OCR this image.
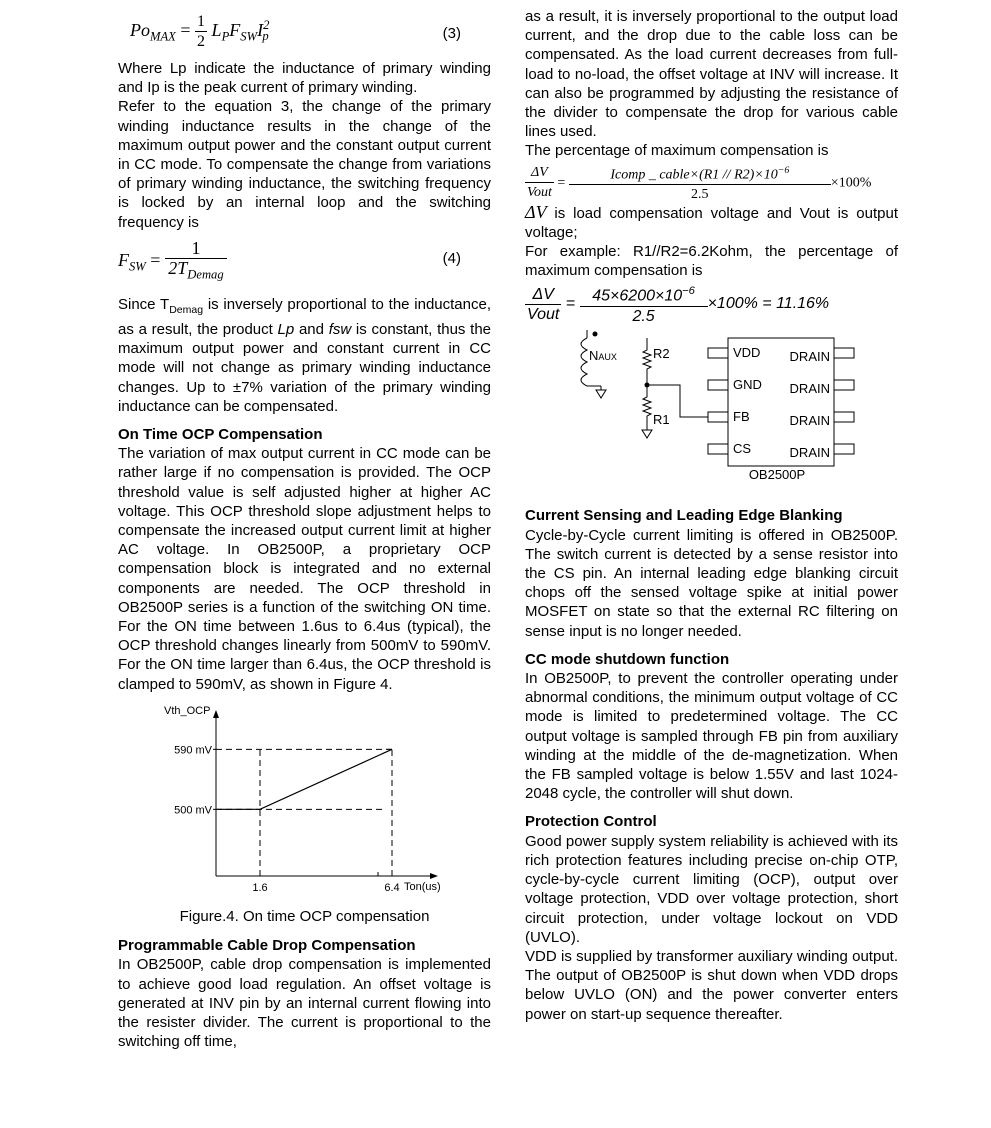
$Po_{MAX} = \frac{1}{2} L_PF_{SW}I^2_p$	(3)

Where Lp indicate the inductance of primary winding and Ip is the peak current of primary winding.

Refer to the equation 3, the change of the primary winding inductance results in the change of the maximum output power and the constant output current in CC mode. To compensate the change from variations of primary winding inductance, the switching frequency is locked by an internal loop and the switching frequency is

$F_{SW} = \frac{1}{2T_{Demag}}$	(4)

Since $T_{Demag}$ is inversely proportional to the inductance, as a result, the product Lp and fsw is constant, thus the maximum output power and constant current in CC mode will not change as primary winding inductance changes. Up to ±7% variation of the primary winding inductance can be compensated.

On Time OCP Compensation

The variation of max output current in CC mode can be rather large if no compensation is provided. The OCP threshold value is self adjusted higher at higher AC voltage. This OCP threshold slope adjustment helps to compensate the increased output current limit at higher AC voltage. In OB2500P, a proprietary OCP compensation block is integrated and no external components are needed. The OCP threshold in OB2500P series is a function of the switching ON time. For the ON time between 1.6us to 6.4us (typical), the OCP threshold changes linearly from 500mV to 590mV. For the ON time larger than 6.4us, the OCP threshold is clamped to 590mV, as shown in Figure 4.

Vth_OCP
Ton(us)
500 mV
590 mV
1.6	6.4
Figure.4. On time OCP compensation
Programmable Cable Drop Compensation

In OB2500P, cable drop compensation is implemented to achieve good load regulation. An offset voltage is generated at INV pin by an internal current flowing into the resister divider. The current is proportional to the switching off time,

as a result, it is inversely proportional to the output load current, and the drop due to the cable loss can be compensated. As the load current decreases from full-load to no-load, the offset voltage at INV will increase. It can also be programmed by adjusting the resistance of the divider to compensate the drop for various cable lines used.

The percentage of maximum compensation is

$\frac{\Delta V}{\text{Vout}} = \frac{Icomp \_ cable\times(R1 // R2)\times 10^{-6}}{2.5} \times 100\%$

ΔV is load compensation voltage and Vout is output voltage;

For example: R1//R2=6.2Kohm, the percentage of maximum compensation is

$\frac{\Delta V}{\text{Vout}} = \frac{45\times 6200\times 10^{-6}}{2.5} \times 100\% = 11.16\%$
NAUX	R2
R1
VDD DRAIN
GND DRAIN
FB	DRAIN
CS	DRAIN
OB2500P
Current Sensing and Leading Edge Blanking

Cycle-by-Cycle current limiting is offered in OB2500P. The switch current is detected by a sense resistor into the CS pin. An internal leading edge blanking circuit chops off the sensed voltage spike at initial power MOSFET on state so that the external RC filtering on sense input is no longer needed.

CC mode shutdown function

In OB2500P, to prevent the controller operating under abnormal conditions, the minimum output voltage of CC mode is limited to predetermined voltage. The CC output voltage is sampled through FB pin from auxiliary winding at the middle of the de-magnetization. When the FB sampled voltage is below 1.55V and last 1024-2048 cycle, the controller will shut down.

Protection Control

Good power supply system reliability is achieved with its rich protection features including precise on-chip OTP, cycle-by-cycle current limiting (OCP), output over voltage protection, VDD over voltage protection, short circuit protection, under voltage lockout on VDD (UVLO).

VDD is supplied by transformer auxiliary winding output. The output of OB2500P is shut down when VDD drops below UVLO (ON) and the power converter enters power on start-up sequence thereafter.
